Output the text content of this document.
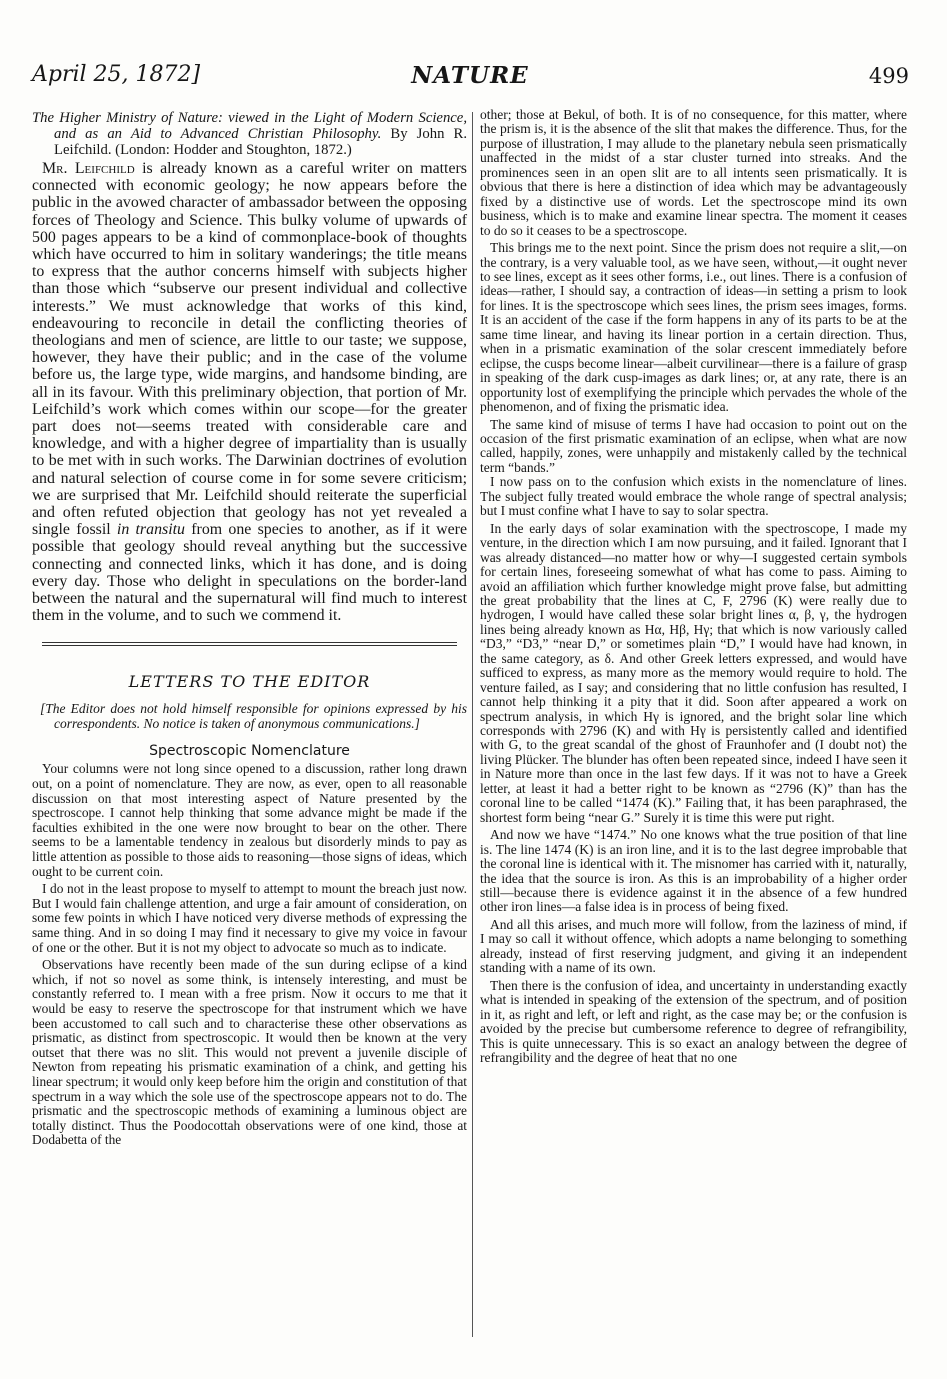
April 25, 1872]	NATURE	499

The Higher Ministry of Nature: viewed in the Light of Modern Science, and as an Aid to Advanced Christian Philosophy. By John R. Leifchild. (London: Hodder and Stoughton, 1872.)

Mr. Leifchild is already known as a careful writer on matters connected with economic geology; he now appears before the public in the avowed character of ambassador between the opposing forces of Theology and Science. This bulky volume of upwards of 500 pages appears to be a kind of commonplace-book of thoughts which have occurred to him in solitary wanderings; the title means to express that the author concerns himself with subjects higher than those which “subserve our present individual and collective interests.” We must acknowledge that works of this kind, endeavouring to reconcile in detail the conflicting theories of theologians and men of science, are little to our taste; we suppose, however, they have their public; and in the case of the volume before us, the large type, wide margins, and handsome binding, are all in its favour. With this preliminary objection, that portion of Mr. Leifchild’s work which comes within our scope—for the greater part does not—seems treated with considerable care and knowledge, and with a higher degree of impartiality than is usually to be met with in such works. The Darwinian doctrines of evolution and natural selection of course come in for some severe criticism; we are surprised that Mr. Leifchild should reiterate the superficial and often refuted objection that geology has not yet revealed a single fossil in transitu from one species to another, as if it were possible that geology should reveal anything but the successive connecting and connected links, which it has done, and is doing every day. Those who delight in speculations on the border-land between the natural and the supernatural will find much to interest them in the volume, and to such we commend it.

LETTERS TO THE EDITOR

[The Editor does not hold himself responsible for opinions expressed by his correspondents. No notice is taken of anonymous communications.]

Spectroscopic Nomenclature

Your columns were not long since opened to a discussion, rather long drawn out, on a point of nomenclature. They are now, as ever, open to all reasonable discussion on that most interesting aspect of Nature presented by the spectroscope. I cannot help thinking that some advance might be made if the faculties exhibited in the one were now brought to bear on the other. There seems to be a lamentable tendency in zealous but disorderly minds to pay as little attention as possible to those aids to reasoning—those signs of ideas, which ought to be current coin.

I do not in the least propose to myself to attempt to mount the breach just now. But I would fain challenge attention, and urge a fair amount of consideration, on some few points in which I have noticed very diverse methods of expressing the same thing. And in so doing I may find it necessary to give my voice in favour of one or the other. But it is not my object to advocate so much as to indicate.

Observations have recently been made of the sun during eclipse of a kind which, if not so novel as some think, is intensely interesting, and must be constantly referred to. I mean with a free prism. Now it occurs to me that it would be easy to reserve the spectroscope for that instrument which we have been accustomed to call such and to characterise these other observations as prismatic, as distinct from spectroscopic. It would then be known at the very outset that there was no slit. This would not prevent a juvenile disciple of Newton from repeating his prismatic examination of a chink, and getting his linear spectrum; it would only keep before him the origin and constitution of that spectrum in a way which the sole use of the spectroscope appears not to do. The prismatic and the spectroscopic methods of examining a luminous object are totally distinct. Thus the Poodocottah observations were of one kind, those at Dodabetta of the

other; those at Bekul, of both. It is of no consequence, for this matter, where the prism is, it is the absence of the slit that makes the difference. Thus, for the purpose of illustration, I may allude to the planetary nebula seen prismatically unaffected in the midst of a star cluster turned into streaks. And the prominences seen in an open slit are to all intents seen prismatically. It is obvious that there is here a distinction of idea which may be advantageously fixed by a distinctive use of words. Let the spectroscope mind its own business, which is to make and examine linear spectra. The moment it ceases to do so it ceases to be a spectroscope.

This brings me to the next point. Since the prism does not require a slit,—on the contrary, is a very valuable tool, as we have seen, without,—it ought never to see lines, except as it sees other forms, i.e., out lines. There is a confusion of ideas—rather, I should say, a contraction of ideas—in setting a prism to look for lines. It is the spectroscope which sees lines, the prism sees images, forms. It is an accident of the case if the form happens in any of its parts to be at the same time linear, and having its linear portion in a certain direction. Thus, when in a prismatic examination of the solar crescent immediately before eclipse, the cusps become linear—albeit curvilinear—there is a failure of grasp in speaking of the dark cusp-images as dark lines; or, at any rate, there is an opportunity lost of exemplifying the principle which pervades the whole of the phenomenon, and of fixing the prismatic idea.

The same kind of misuse of terms I have had occasion to point out on the occasion of the first prismatic examination of an eclipse, when what are now called, happily, zones, were unhappily and mistakenly called by the technical term “bands.”

I now pass on to the confusion which exists in the nomenclature of lines. The subject fully treated would embrace the whole range of spectral analysis; but I must confine what I have to say to solar spectra.

In the early days of solar examination with the spectroscope, I made my venture, in the direction which I am now pursuing, and it failed. Ignorant that I was already distanced—no matter how or why—I suggested certain symbols for certain lines, foreseeing somewhat of what has come to pass. Aiming to avoid an affiliation which further knowledge might prove false, but admitting the great probability that the lines at C, F, 2796 (K) were really due to hydrogen, I would have called these solar bright lines α, β, γ, the hydrogen lines being already known as Hα, Hβ, Hγ; that which is now variously called “D3,” “D3,” “near D,” or sometimes plain “D,” I would have had known, in the same category, as δ. And other Greek letters expressed, and would have sufficed to express, as many more as the memory would require to hold. The venture failed, as I say; and considering that no little confusion has resulted, I cannot help thinking it a pity that it did. Soon after appeared a work on spectrum analysis, in which Hγ is ignored, and the bright solar line which corresponds with 2796 (K) and with Hγ is persistently called and identified with G, to the great scandal of the ghost of Fraunhofer and (I doubt not) the living Plücker. The blunder has often been repeated since, indeed I have seen it in Nature more than once in the last few days. If it was not to have a Greek letter, at least it had a better right to be known as “2796 (K)” than has the coronal line to be called “1474 (K).” Failing that, it has been paraphrased, the shortest form being “near G.” Surely it is time this were put right.

And now we have “1474.” No one knows what the true position of that line is. The line 1474 (K) is an iron line, and it is to the last degree improbable that the coronal line is identical with it. The misnomer has carried with it, naturally, the idea that the source is iron. As this is an improbability of a higher order still—because there is evidence against it in the absence of a few hundred other iron lines—a false idea is in process of being fixed.

And all this arises, and much more will follow, from the laziness of mind, if I may so call it without offence, which adopts a name belonging to something already, instead of first reserving judgment, and giving it an independent standing with a name of its own.

Then there is the confusion of idea, and uncertainty in understanding exactly what is intended in speaking of the extension of the spectrum, and of position in it, as right and left, or left and right, as the case may be; or the confusion is avoided by the precise but cumbersome reference to degree of refrangibility, This is quite unnecessary. This is so exact an analogy between the degree of refrangibility and the degree of heat that no one
